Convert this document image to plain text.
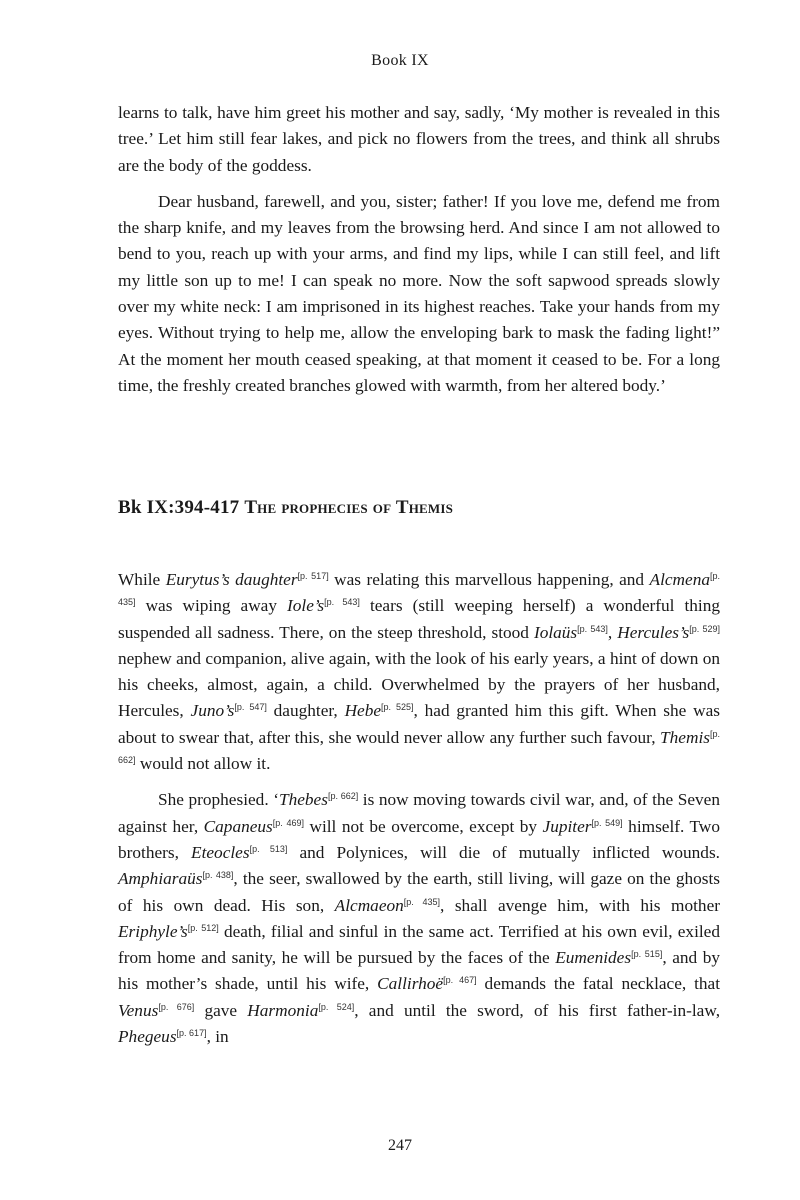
Book IX

learns to talk, have him greet his mother and say, sadly, ‘My mother is revealed in this tree.’ Let him still fear lakes, and pick no flowers from the trees, and think all shrubs are the body of the goddess.

Dear husband, farewell, and you, sister; father! If you love me, defend me from the sharp knife, and my leaves from the browsing herd. And since I am not allowed to bend to you, reach up with your arms, and find my lips, while I can still feel, and lift my little son up to me! I can speak no more. Now the soft sapwood spreads slowly over my white neck: I am imprisoned in its highest reaches. Take your hands from my eyes. Without trying to help me, allow the enveloping bark to mask the fading light!” At the moment her mouth ceased speaking, at that moment it ceased to be. For a long time, the freshly created branches glowed with warmth, from her altered body.’

Bk IX:394-417 The prophecies of Themis

While Eurytus’s daughter[p. 517] was relating this marvellous happening, and Alcmena[p. 435] was wiping away Iole’s[p. 543] tears (still weeping herself) a wonderful thing suspended all sadness. There, on the steep threshold, stood Iolaüs[p. 543], Hercules’s[p. 529] nephew and companion, alive again, with the look of his early years, a hint of down on his cheeks, almost, again, a child. Overwhelmed by the prayers of her husband, Hercules, Juno’s[p. 547] daughter, Hebe[p. 525], had granted him this gift. When she was about to swear that, after this, she would never allow any further such favour, Themis[p. 662] would not allow it.

She prophesied. ‘Thebes[p. 662] is now moving towards civil war, and, of the Seven against her, Capaneus[p. 469] will not be overcome, except by Jupiter[p. 549] himself. Two brothers, Eteocles[p. 513] and Polynices, will die of mutually inflicted wounds. Amphiaraüs[p. 438], the seer, swallowed by the earth, still living, will gaze on the ghosts of his own dead. His son, Alcmaeon[p. 435], shall avenge him, with his mother Eriphyle’s[p. 512] death, filial and sinful in the same act. Terrified at his own evil, exiled from home and sanity, he will be pursued by the faces of the Eumenides[p. 515], and by his mother’s shade, until his wife, Callirhoë[p. 467] demands the fatal necklace, that Venus[p. 676] gave Harmonia[p. 524], and until the sword, of his first father-in-law, Phegeus[p. 617], in

247
